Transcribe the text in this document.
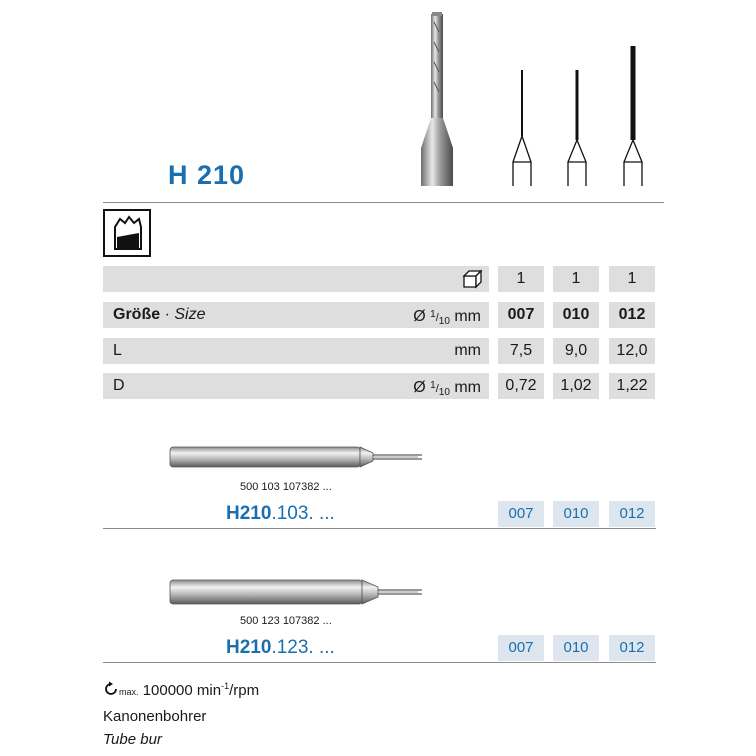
H 210
1	1	1
Größe · Size	Ø $^1/_{10}$ mm	007	010	012
L	mm	7,5	9,0	12,0
D	Ø $^1/_{10}$ mm	0,72	1,02	1,22
500 103 107382 ...
H210.103. ...	007	010	012
500 123 107382 ...
H210.123. ...	007	010	012
max. 100000 $\min^{-1}$/rpm
Kanonenbohrer
Tube bur
